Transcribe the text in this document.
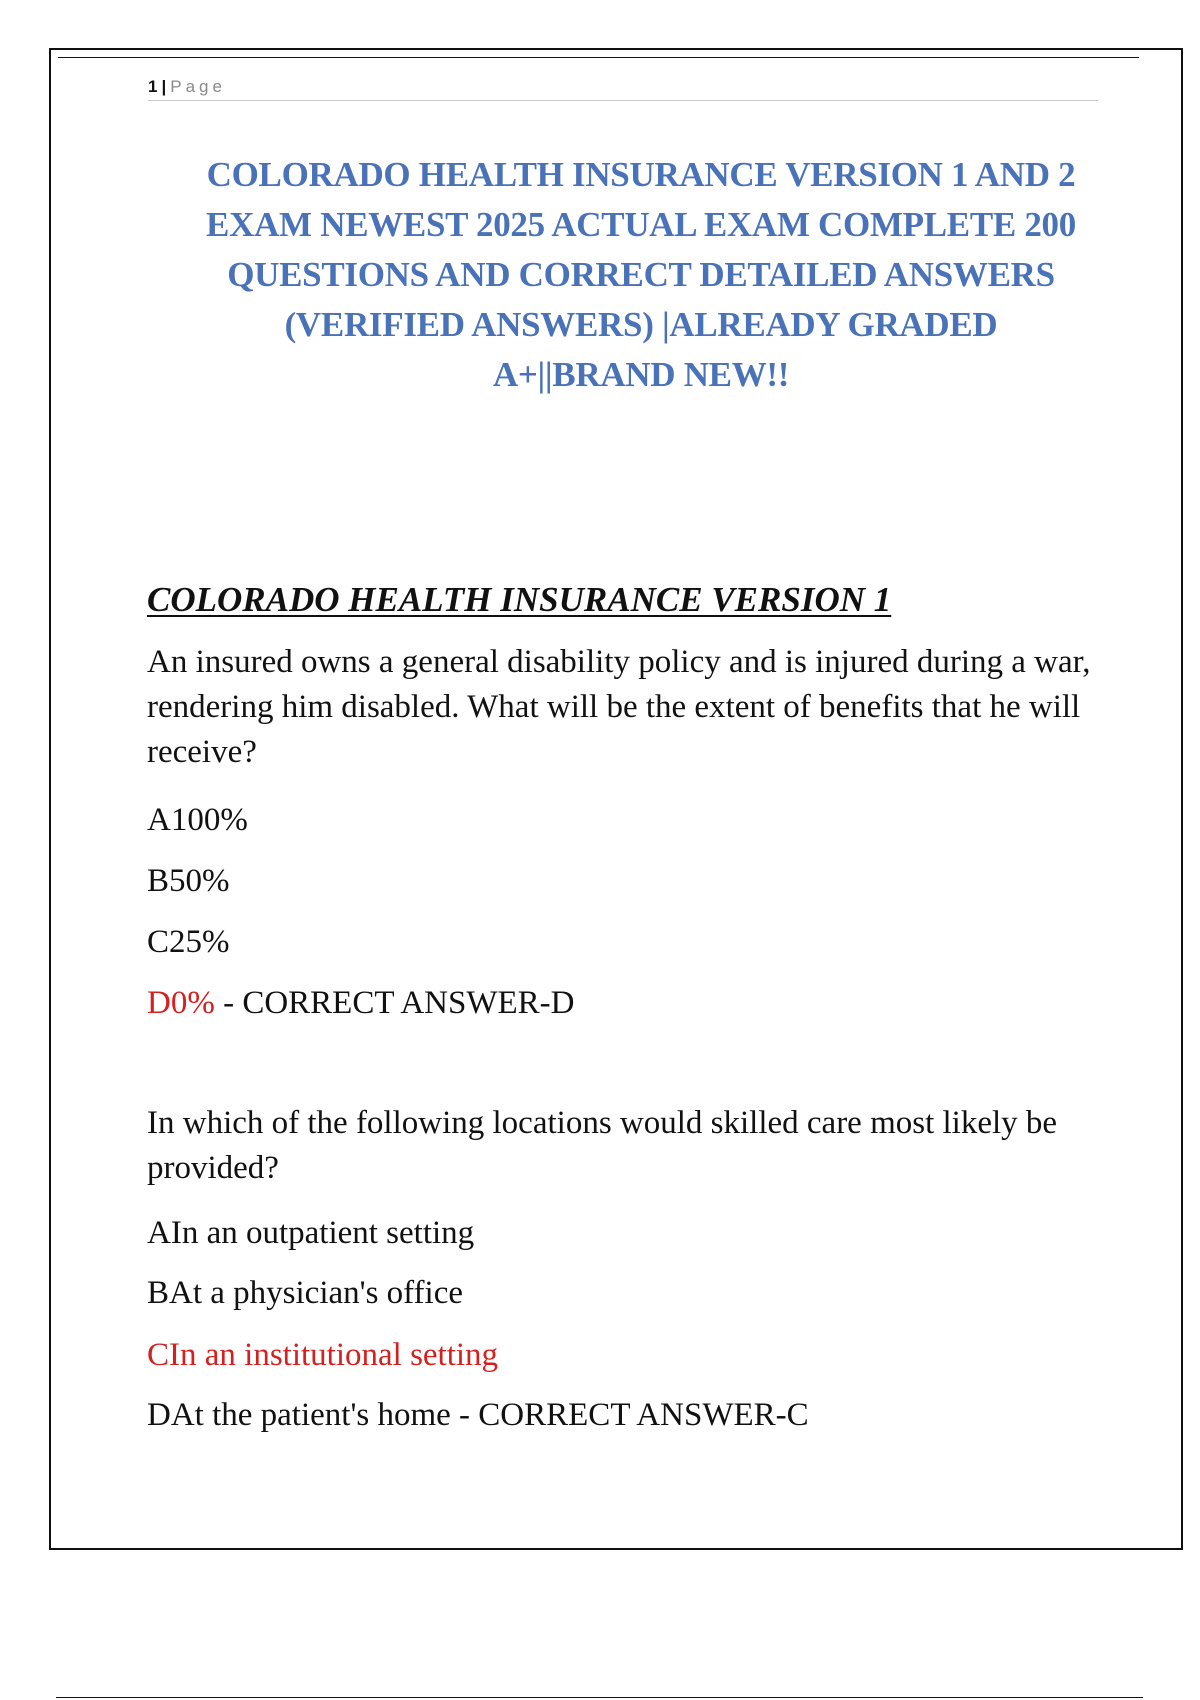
1 | Page
COLORADO HEALTH INSURANCE VERSION 1 AND 2
EXAM NEWEST 2025 ACTUAL EXAM COMPLETE 200
QUESTIONS AND CORRECT DETAILED ANSWERS
(VERIFIED ANSWERS) |ALREADY GRADED
A+||BRAND NEW!!
COLORADO HEALTH INSURANCE VERSION 1
An insured owns a general disability policy and is injured during a war, rendering him disabled. What will be the extent of benefits that he will receive?
A100%
B50%
C25%
D0% - CORRECT ANSWER-D
In which of the following locations would skilled care most likely be provided?
AIn an outpatient setting
BAt a physician's office
CIn an institutional setting
DAt the patient's home - CORRECT ANSWER-C
